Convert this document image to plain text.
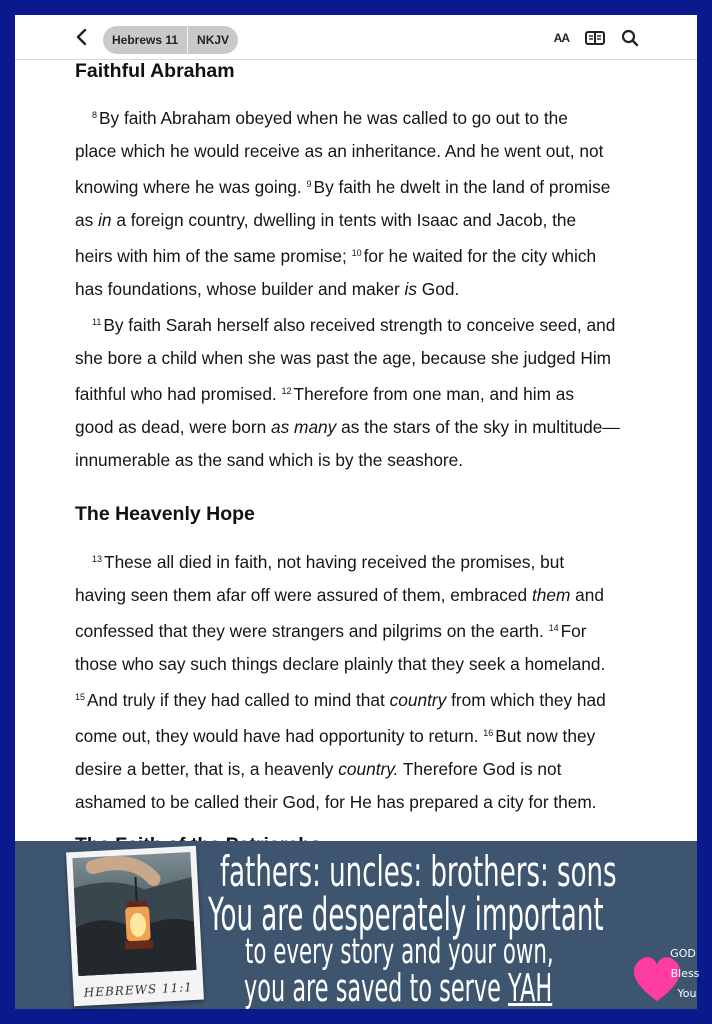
Hebrews 11	NKJV	AA
Faithful Abraham

$^8$ By faith Abraham obeyed when he was called to go out to the

place which he would receive as an inheritance. And he went out, not

knowing where he was going. $^9$ By faith he dwelt in the land of promise

as in a foreign country, dwelling in tents with Isaac and Jacob, the

heirs with him of the same promise; $^{10}$ for he waited for the city which

has foundations, whose builder and maker is God.

$^{11}$ By faith Sarah herself also received strength to conceive seed, and

she bore a child when she was past the age, because she judged Him

faithful who had promised. $^{12}$ Therefore from one man, and him as

good as dead, were born as many as the stars of the sky in multitude—

innumerable as the sand which is by the seashore.

The Heavenly Hope

$^{13}$ These all died in faith, not having received the promises, but

having seen them afar off were assured of them, embraced them and

confessed that they were strangers and pilgrims on the earth. $^{14}$ For

those who say such things declare plainly that they seek a homeland.

$^{15}$ And truly if they had called to mind that country from which they had

come out, they would have had opportunity to return. $^{16}$ But now they

desire a better, that is, a heavenly country. Therefore God is not

ashamed to be called their God, for He has prepared a city for them.

HEBREWS 11:1
fathers: uncles: brothers: sons
You are desperately important
to every story and your own,
you are saved to serve YAH
GOD
Bless
You
